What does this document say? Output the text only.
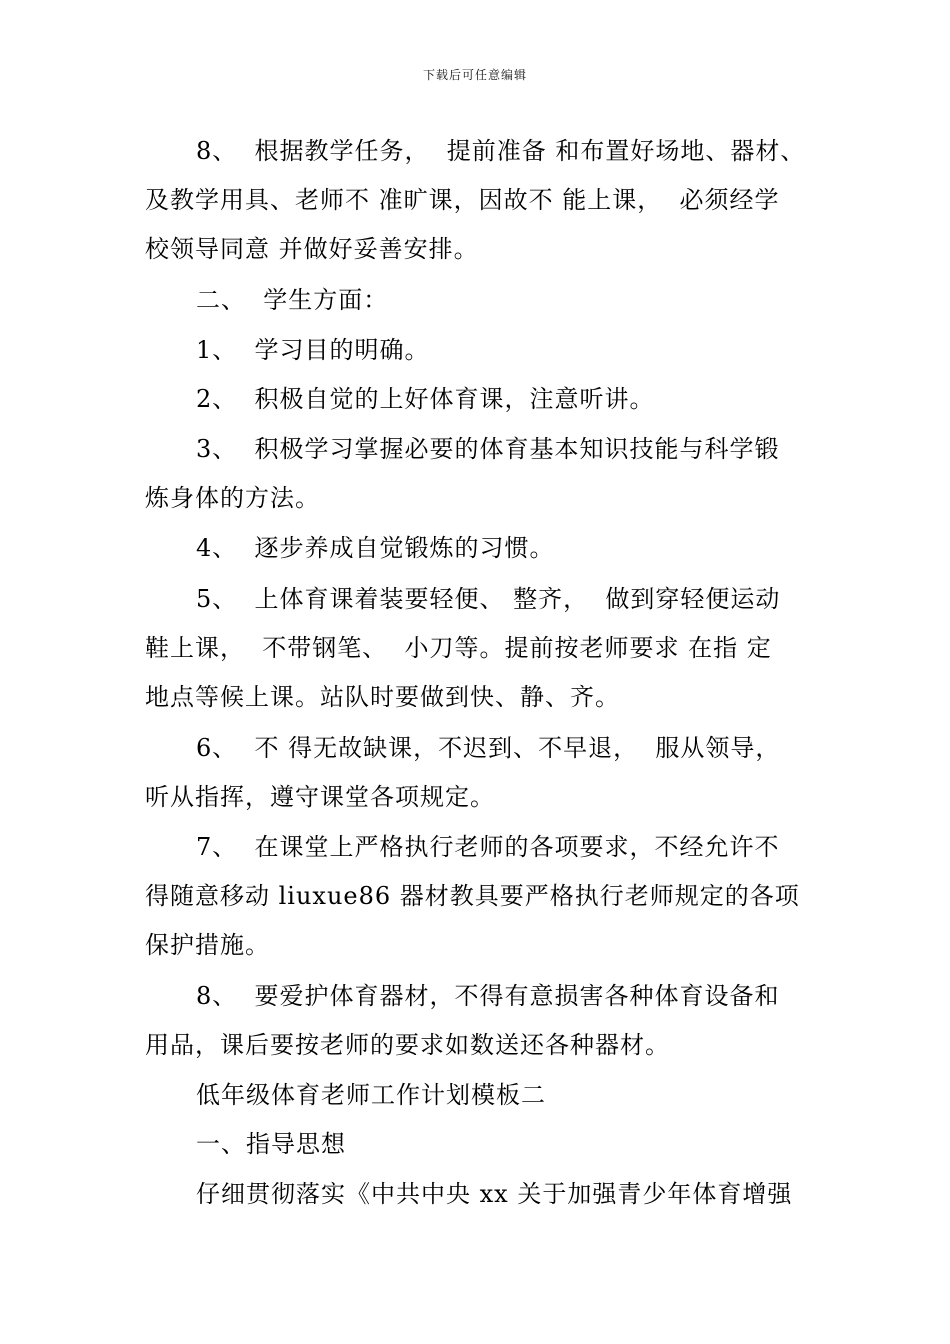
下载后可任意编辑
8、  根据教学任务，  提前准备 和布置好场地、器材、
及教学用具、老师不 准旷课，因故不 能上课，  必须经学
校领导同意 并做好妥善安排。
二、  学生方面：
1、  学习目的明确。
2、  积极自觉的上好体育课，注意听讲。
3、  积极学习掌握必要的体育基本知识技能与科学锻
炼身体的方法。
4、  逐步养成自觉锻炼的习惯。
5、  上体育课着装要轻便、 整齐，  做到穿轻便运动
鞋上课，  不带钢笔、  小刀等。提前按老师要求 在指 定
地点等候上课。站队时要做到快、静、齐。
6、  不 得无故缺课，不迟到、不早退，  服从领导，
听从指挥，遵守课堂各项规定。
7、  在课堂上严格执行老师的各项要求，不经允许不
得随意移动 liuxue86 器材教具要严格执行老师规定的各项
保护措施。
8、  要爱护体育器材，不得有意损害各种体育设备和
用品，课后要按老师的要求如数送还各种器材。
低年级体育老师工作计划模板二
一、指导思想
仔细贯彻落实《中共中央 xx 关于加强青少年体育增强
